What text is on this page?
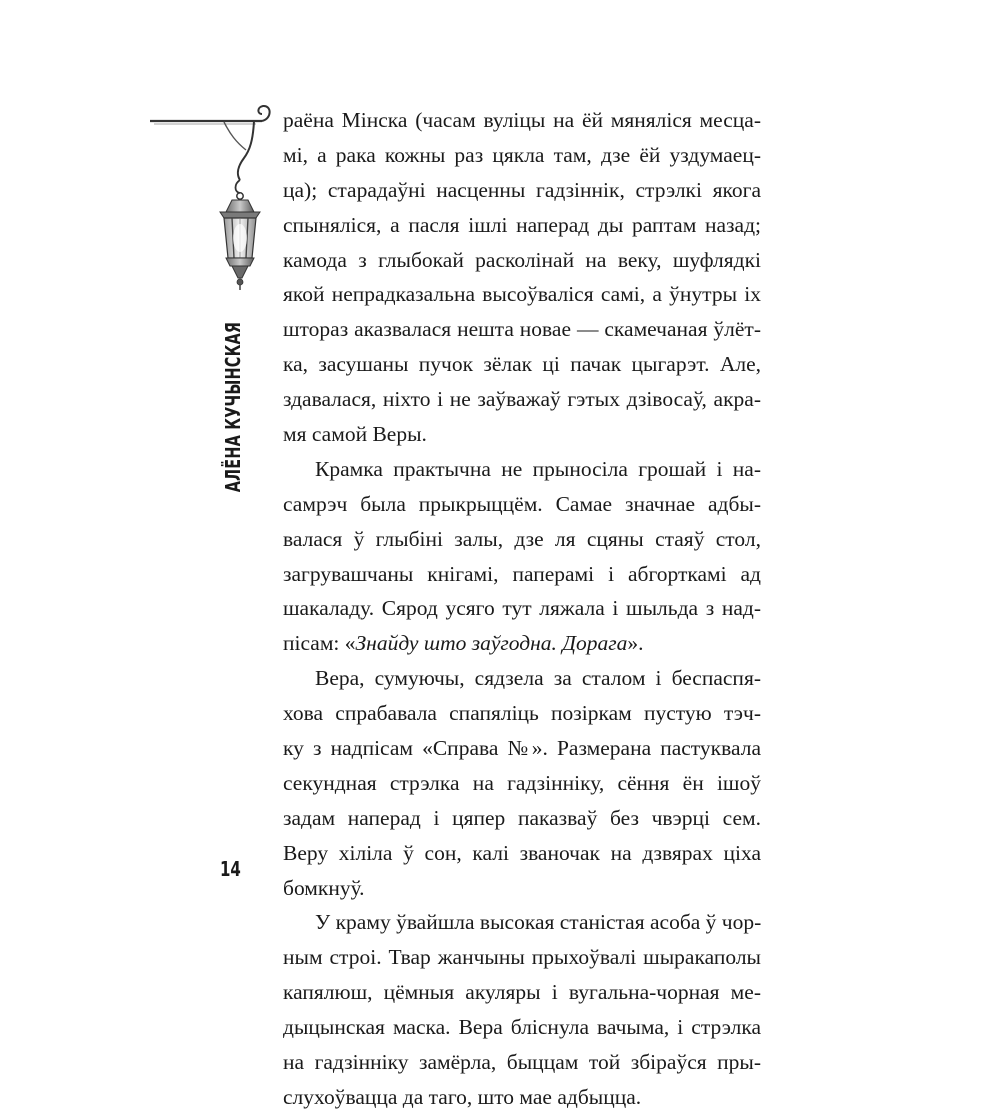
АЛЁНА КУЧЫНСКАЯ
14
раёна Мінска (часам вуліцы на ёй мяняліся месца-
мі, а рака кожны раз цякла там, дзе ёй уздумаец-
ца); старадаўні насценны гадзіннік, стрэлкі якога
спыняліся, а пасля ішлі наперад ды раптам назад;
камода з глыбокай расколінай на веку, шуфлядкі
якой непрадказальна высоўваліся самі, а ўнутры іх
штораз аказвалася нешта новае — скамечаная ўлёт-
ка, засушаны пучок зёлак ці пачак цыгарэт. Але,
здавалася, ніхто і не заўважаў гэтых дзівосаў, акра-
мя самой Веры.
Крамка практычна не прыносіла грошай і на-
самрэч была прыкрыццём. Самае значнае адбы-
валася ў глыбіні залы, дзе ля сцяны стаяў стол,
загрувашчаны кнігамі, паперамі і абгорткамі ад
шакаладу. Сярод усяго тут ляжала і шыльда з над-
пісам: «Знайду што заўгодна. Дорага».
Вера, сумуючы, сядзела за сталом і беспаспя-
хова спрабавала спапяліць позіркам пустую тэч-
ку з надпісам «Справа №». Размерана пастуквала
секундная стрэлка на гадзінніку, сёння ён ішоў
задам наперад і цяпер паказваў без чвэрці сем.
Веру хіліла ў сон, калі званочак на дзвярах ціха
бомкнуў.
У краму ўвайшла высокая станістая асоба ў чор-
ным строі. Твар жанчыны прыхоўвалі шыракаполы
капялюш, цёмныя акуляры і вугальна-чорная ме-
дыцынская маска. Вера бліснула вачыма, і стрэлка
на гадзінніку замёрла, быццам той збіраўся пры-
слухоўвацца да таго, што мае адбыцца.
